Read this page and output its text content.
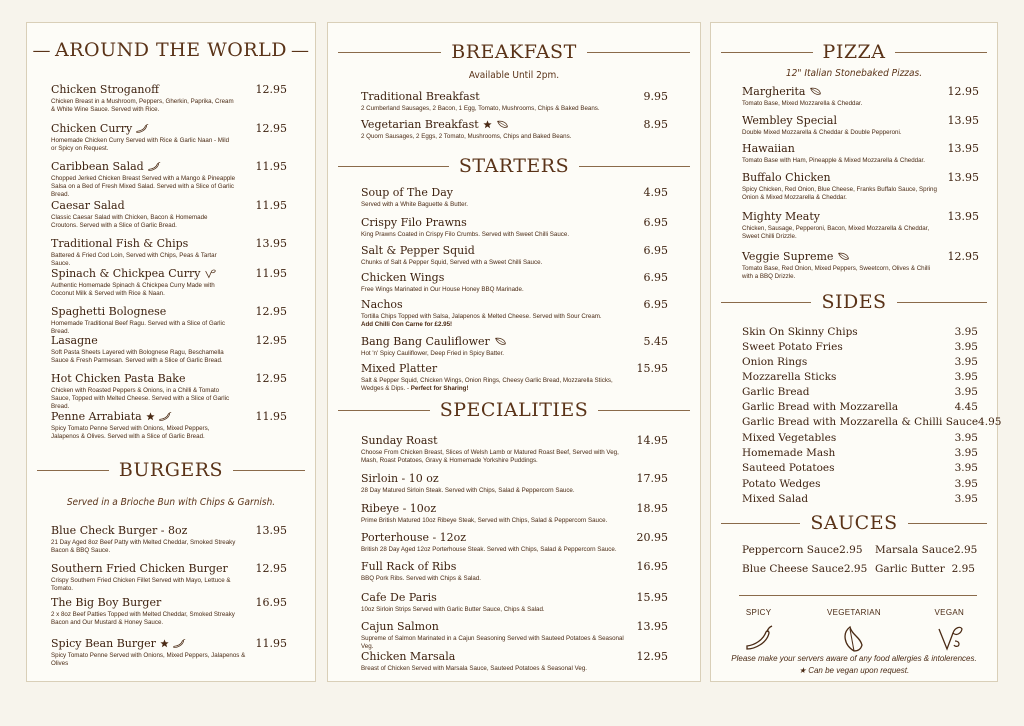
— AROUND THE WORLD —
Chicken Stroganoff	12.95
Chicken Breast in a Mushroom, Peppers, Gherkin, Paprika, Cream & White Wine Sauce. Served with Rice.
Chicken Curry	12.95
Homemade Chicken Curry Served with Rice & Garlic Naan - Mild or Spicy on Request.
Caribbean Salad	11.95
Chopped Jerked Chicken Breast Served with a Mango & Pineapple Salsa on a Bed of Fresh Mixed Salad. Served with a Slice of Garlic Bread.
Caesar Salad	11.95
Classic Caesar Salad with Chicken, Bacon & Homemade Croutons. Served with a Slice of Garlic Bread.
Traditional Fish & Chips	13.95
Battered & Fried Cod Loin, Served with Chips, Peas & Tartar Sauce.
Spinach & Chickpea Curry	11.95
Authentic Homemade Spinach & Chickpea Curry Made with Coconut Milk & Served with Rice & Naan.
Spaghetti Bolognese	12.95
Homemade Traditional Beef Ragu. Served with a Slice of Garlic Bread.
Lasagne	12.95
Soft Pasta Sheets Layered with Bolognese Ragu, Beschamella Sauce & Fresh Parmesan. Served with a Slice of Garlic Bread.
Hot Chicken Pasta Bake	12.95
Chicken with Roasted Peppers & Onions, in a Chilli & Tomato Sauce, Topped with Melted Cheese. Served with a Slice of Garlic Bread.
Penne Arrabiata	11.95
Spicy Tomato Penne Served with Onions, Mixed Peppers, Jalapenos & Olives. Served with a Slice of Garlic Bread.
BURGERS
Served in a Brioche Bun with Chips & Garnish.
Blue Check Burger - 8oz	13.95
21 Day Aged 8oz Beef Patty with Melted Cheddar, Smoked Streaky Bacon & BBQ Sauce.
Southern Fried Chicken Burger	12.95
Crispy Southern Fried Chicken Fillet Served with Mayo, Lettuce & Tomato.
The Big Boy Burger	16.95
2 x 8oz Beef Patties Topped with Melted Cheddar, Smoked Streaky Bacon and Our Mustard & Honey Sauce.
Spicy Bean Burger	11.95
Spicy Tomato Penne Served with Onions, Mixed Peppers, Jalapenos & Olives
BREAKFAST
Available Until 2pm.
Traditional Breakfast	9.95
2 Cumberland Sausages, 2 Bacon, 1 Egg, Tomato, Mushrooms, Chips & Baked Beans.
Vegetarian Breakfast	8.95
2 Quorn Sausages, 2 Eggs, 2 Tomato, Mushrooms, Chips and Baked Beans.
STARTERS
Soup of The Day	4.95
Served with a White Baguette & Butter.
Crispy Filo Prawns	6.95
King Prawns Coated in Crispy Filo Crumbs. Served with Sweet Chilli Sauce.
Salt & Pepper Squid	6.95
Chunks of Salt & Pepper Squid, Served with a Sweet Chilli Sauce.
Chicken Wings	6.95
Free Wings Marinated in Our House Honey BBQ Marinade.
Nachos	6.95
Tortilla Chips Topped with Salsa, Jalapenos & Melted Cheese. Served with Sour Cream.
Add Chilli Con Carne for £2.95!
Bang Bang Cauliflower	5.45
Hot 'n' Spicy Cauliflower, Deep Fried in Spicy Batter.
Mixed Platter	15.95
Salt & Pepper Squid, Chicken Wings, Onion Rings, Cheesy Garlic Bread, Mozzarella Sticks, Wedges & Dips. - Perfect for Sharing!
SPECIALITIES
Sunday Roast	14.95
Choose From Chicken Breast, Slices of Welsh Lamb or Matured Roast Beef, Served with Veg, Mash, Roast Potatoes, Gravy & Homemade Yorkshire Puddings.
Sirloin - 10 oz	17.95
28 Day Matured Sirloin Steak. Served with Chips, Salad & Peppercorn Sauce.
Ribeye - 10oz	18.95
Prime British Matured 10oz Ribeye Steak, Served with Chips, Salad & Peppercorn Sauce.
Porterhouse - 12oz	20.95
British 28 Day Aged 12oz Porterhouse Steak. Served with Chips, Salad & Peppercorn Sauce.
Full Rack of Ribs	16.95
BBQ Pork Ribs. Served with Chips & Salad.
Cafe De Paris	15.95
10oz Sirloin Strips Served with Garlic Butter Sauce, Chips & Salad.
Cajun Salmon	13.95
Supreme of Salmon Marinated in a Cajun Seasoning Served with Sauteed Potatoes & Seasonal Veg.
Chicken Marsala	12.95
Breast of Chicken Served with Marsala Sauce, Sauteed Potatoes & Seasonal Veg.
PIZZA
12" Italian Stonebaked Pizzas.
Margherita	12.95
Tomato Base, Mixed Mozzarella & Cheddar.
Wembley Special	13.95
Double Mixed Mozzarella & Cheddar & Double Pepperoni.
Hawaiian	13.95
Tomato Base with Ham, Pineapple & Mixed Mozzarella & Cheddar.
Buffalo Chicken	13.95
Spicy Chicken, Red Onion, Blue Cheese, Franks Buffalo Sauce, Spring Onion & Mixed Mozzarella & Cheddar.
Mighty Meaty	13.95
Chicken, Sausage, Pepperoni, Bacon, Mixed Mozzarella & Cheddar, Sweet Chilli Drizzle.
Veggie Supreme	12.95
Tomato Base, Red Onion, Mixed Peppers, Sweetcorn, Olives & Chilli with a BBQ Drizzle.
SIDES
Skin On Skinny Chips	3.95
Sweet Potato Fries	3.95
Onion Rings	3.95
Mozzarella Sticks	3.95
Garlic Bread	3.95
Garlic Bread with Mozzarella	4.45
Garlic Bread with Mozzarella & Chilli Sauce 4.95
Mixed Vegetables	3.95
Homemade Mash	3.95
Sauteed Potatoes	3.95
Potato Wedges	3.95
Mixed Salad	3.95
SAUCES
Peppercorn Sauce 2.95 Marsala Sauce 2.95
Blue Cheese Sauce 2.95 Garlic Butter 2.95
SPICY	VEGETARIAN	VEGAN
Please make your servers aware of any food allergies & intolerences.
★ Can be vegan upon request.
